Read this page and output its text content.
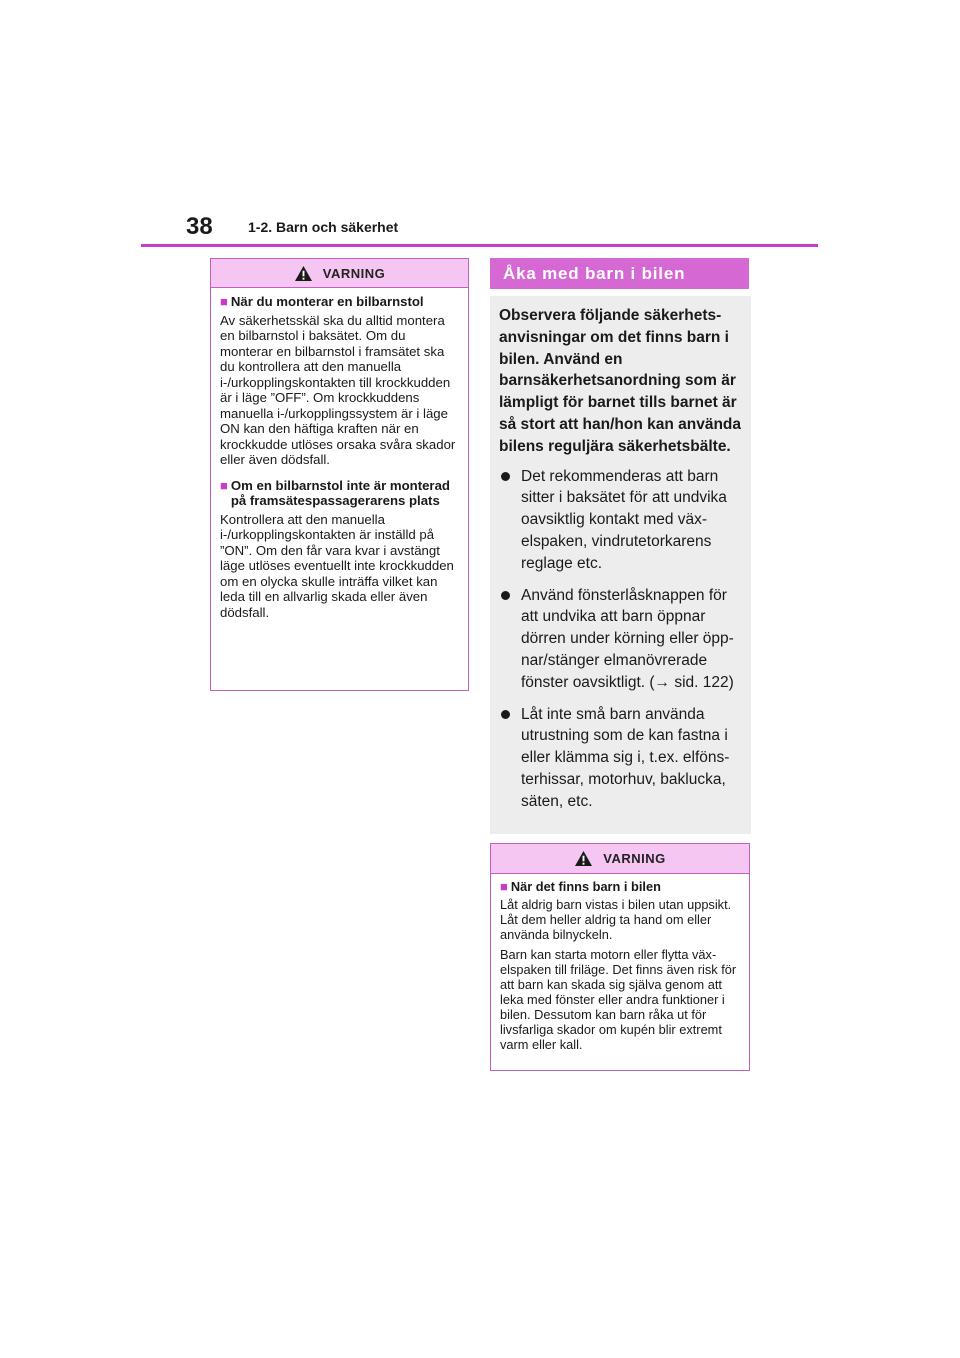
38	1-2. Barn och säkerhet
VARNING
■ När du monterar en bilbarnstol

Av säkerhetsskäl ska du alltid montera en bilbarnstol i baksätet. Om du monterar en bilbarnstol i framsätet ska du kontrollera att den manuella i-/urkopplingskontakten till krockkudden är i läge ”OFF”. Om krockkuddens manuella i-/urkopplingssystem är i läge ON kan den häftiga kraften när en krockkudde utlöses orsaka svåra skador eller även dödsfall.

■ Om en bilbarnstol inte är monterad på framsätespassagerarens plats

Kontrollera att den manuella i-/urkopplingskontakten är inställd på ”ON”. Om den får vara kvar i avstängt läge utlöses eventuellt inte krockkudden om en olycka skulle inträffa vilket kan leda till en allvarlig skada eller även dödsfall.

Åka med barn i bilen

Observera följande säkerhetsanvisningar om det finns barn i bilen. Använd en barnsäkerhetsanordning som är lämpligt för barnet tills barnet är så stort att han/hon kan använda bilens reguljära säkerhetsbälte.

Det rekommenderas att barn sitter i baksätet för att undvika oavsiktlig kontakt med växelspaken, vindrutetorkarens reglage etc.
Använd fönsterlåsknappen för att undvika att barn öppnar dörren under körning eller öppnar/stänger elmanövrerade fönster oavsiktligt. (→ sid. 122)
Låt inte små barn använda utrustning som de kan fastna i eller klämma sig i, t.ex. elfönsterhissar, motorhuv, baklucka, säten, etc.
VARNING
■ När det finns barn i bilen

Låt aldrig barn vistas i bilen utan uppsikt. Låt dem heller aldrig ta hand om eller använda bilnyckeln.

Barn kan starta motorn eller flytta växelspaken till friläge. Det finns även risk för att barn kan skada sig själva genom att leka med fönster eller andra funktioner i bilen. Dessutom kan barn råka ut för livsfarliga skador om kupén blir extremt varm eller kall.
